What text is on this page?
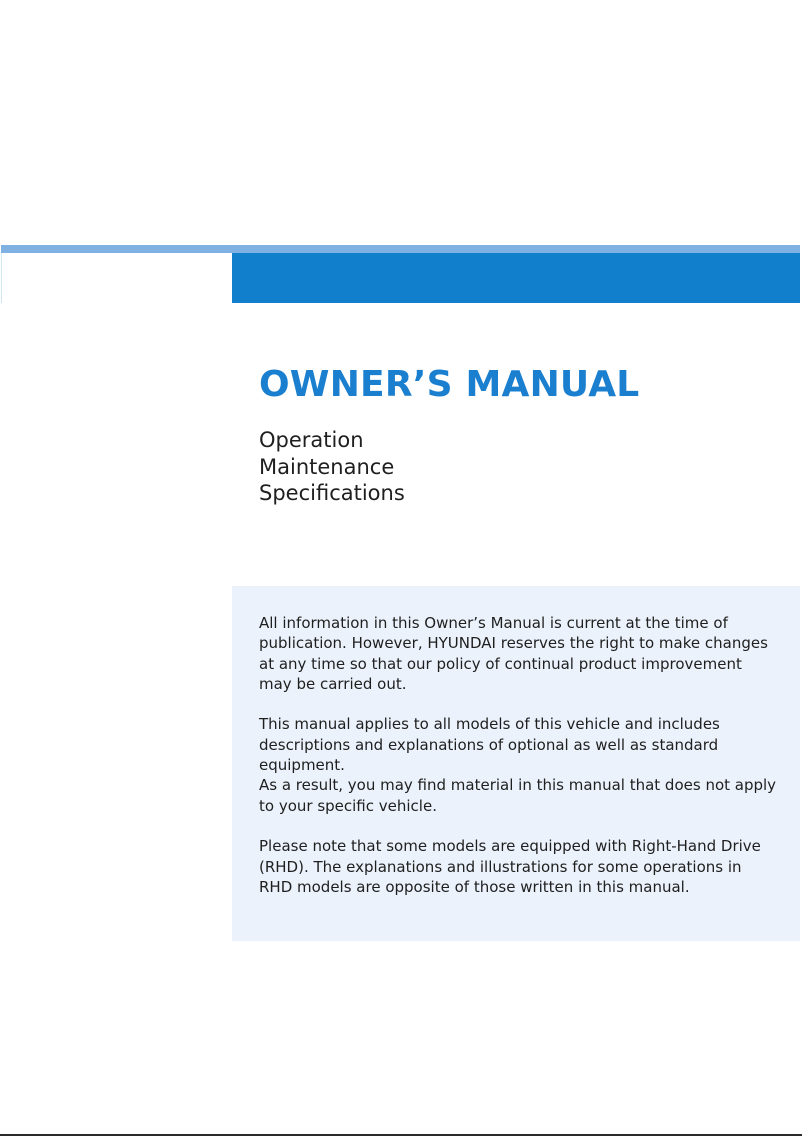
OWNER’S MANUAL
Operation
Maintenance
Specifications

All information in this Owner’s Manual is current at the time of publication. However, HYUNDAI reserves the right to make changes at any time so that our policy of continual product improvement may be carried out.

This manual applies to all models of this vehicle and includes descriptions and explanations of optional as well as standard equipment.

As a result, you may find material in this manual that does not apply to your specific vehicle.

Please note that some models are equipped with Right-Hand Drive (RHD). The explanations and illustrations for some operations in RHD models are opposite of those written in this manual.
